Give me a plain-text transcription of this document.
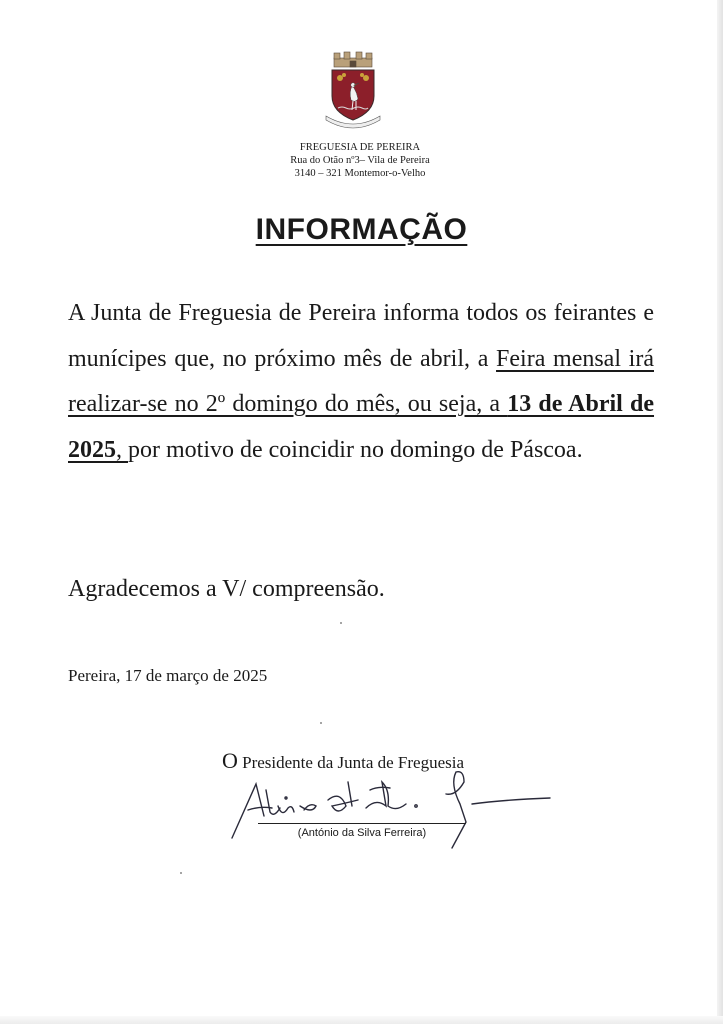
FREGUESIA DE PEREIRA
Rua do Otão nº3– Vila de Pereira
3140 – 321 Montemor-o-Velho
INFORMAÇÃO

A Junta de Freguesia de Pereira informa todos os feirantes e munícipes que, no próximo mês de abril, a Feira mensal irá realizar-se no 2º domingo do mês, ou seja, a 13 de Abril de 2025, por motivo de coincidir no domingo de Páscoa.

Agradecemos a V/ compreensão.
Pereira, 17 de março de 2025
O Presidente da Junta de Freguesia
(António da Silva Ferreira)
